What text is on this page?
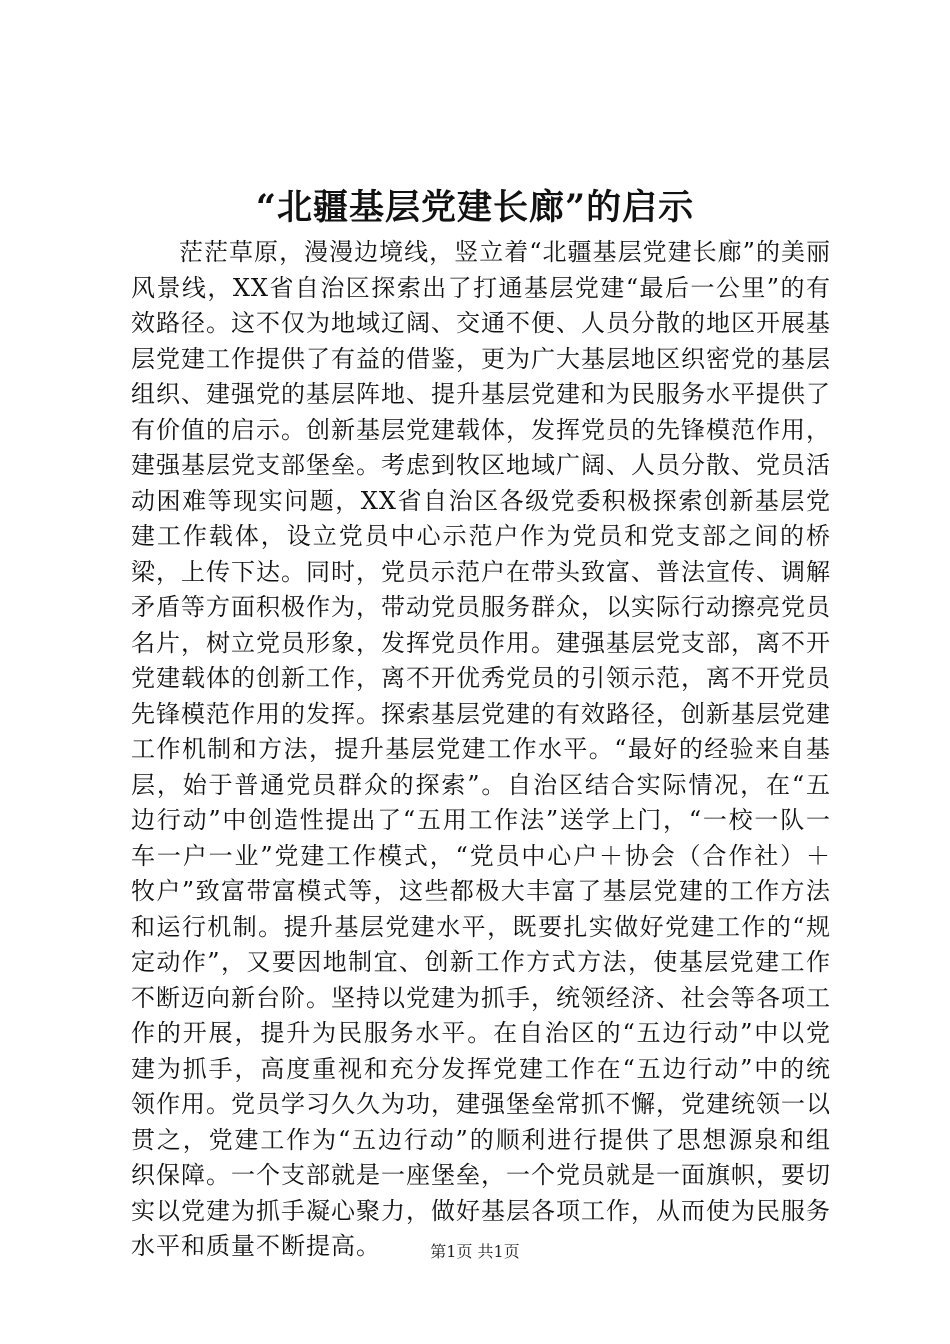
“北疆基层党建长廊”的启示

茫茫草原，漫漫边境线，竖立着“北疆基层党建长廊”的美丽风景线，XX省自治区探索出了打通基层党建“最后一公里”的有效路径。这不仅为地域辽阔、交通不便、人员分散的地区开展基层党建工作提供了有益的借鉴，更为广大基层地区织密党的基层组织、建强党的基层阵地、提升基层党建和为民服务水平提供了有价值的启示。创新基层党建载体，发挥党员的先锋模范作用，建强基层党支部堡垒。考虑到牧区地域广阔、人员分散、党员活动困难等现实问题，XX省自治区各级党委积极探索创新基层党建工作载体，设立党员中心示范户作为党员和党支部之间的桥梁，上传下达。同时，党员示范户在带头致富、普法宣传、调解矛盾等方面积极作为，带动党员服务群众，以实际行动擦亮党员名片，树立党员形象，发挥党员作用。建强基层党支部，离不开党建载体的创新工作，离不开优秀党员的引领示范，离不开党员先锋模范作用的发挥。探索基层党建的有效路径，创新基层党建工作机制和方法，提升基层党建工作水平。“最好的经验来自基层，始于普通党员群众的探索”。自治区结合实际情况，在“五边行动”中创造性提出了“五用工作法”送学上门，“一校一队一车一户一业”党建工作模式，“党员中心户＋协会（合作社）＋牧户”致富带富模式等，这些都极大丰富了基层党建的工作方法和运行机制。提升基层党建水平，既要扎实做好党建工作的“规定动作”，又要因地制宜、创新工作方式方法，使基层党建工作不断迈向新台阶。坚持以党建为抓手，统领经济、社会等各项工作的开展，提升为民服务水平。在自治区的“五边行动”中以党建为抓手，高度重视和充分发挥党建工作在“五边行动”中的统领作用。党员学习久久为功，建强堡垒常抓不懈，党建统领一以贯之，党建工作为“五边行动”的顺利进行提供了思想源泉和组织保障。一个支部就是一座堡垒，一个党员就是一面旗帜，要切实以党建为抓手凝心聚力，做好基层各项工作，从而使为民服务水平和质量不断提高。	第1页 共1页
